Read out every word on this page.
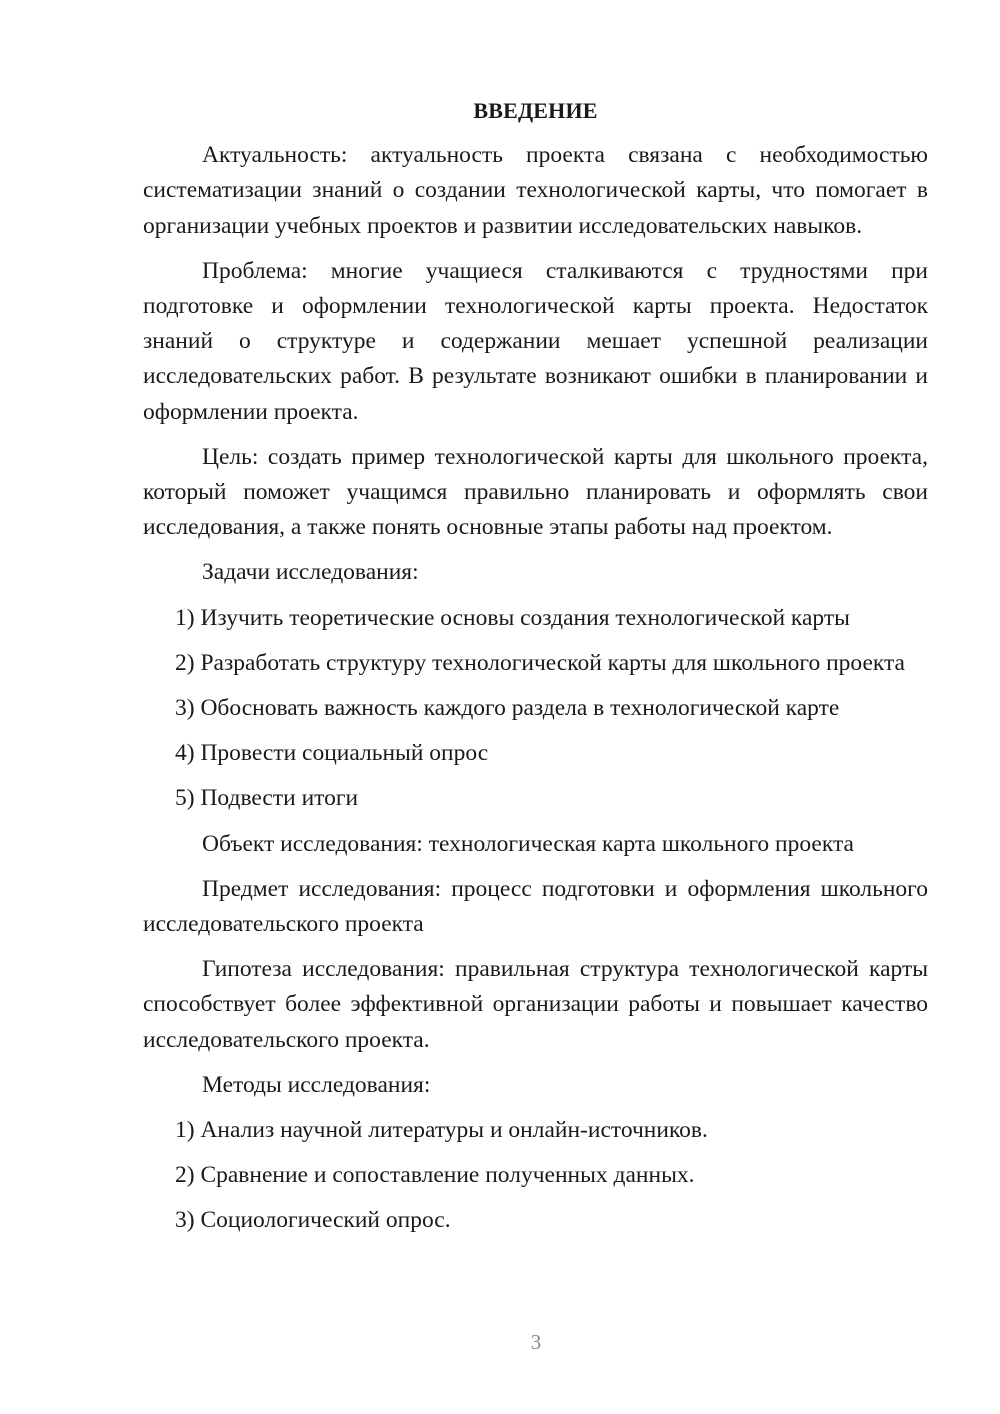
ВВЕДЕНИЕ

Актуальность: актуальность проекта связана с необходимостью систематизации знаний о создании технологической карты, что помогает в организации учебных проектов и развитии исследовательских навыков.

Проблема: многие учащиеся сталкиваются с трудностями при подготовке и оформлении технологической карты проекта. Недостаток знаний о структуре и содержании мешает успешной реализации исследовательских работ. В результате возникают ошибки в планировании и оформлении проекта.

Цель: создать пример технологической карты для школьного проекта, который поможет учащимся правильно планировать и оформлять свои исследования, а также понять основные этапы работы над проектом.

Задачи исследования:

1) Изучить теоретические основы создания технологической карты

2) Разработать структуру технологической карты для школьного проекта

3) Обосновать важность каждого раздела в технологической карте

4) Провести социальный опрос

5) Подвести итоги

Объект исследования: технологическая карта школьного проекта

Предмет исследования: процесс подготовки и оформления школьного исследовательского проекта

Гипотеза исследования: правильная структура технологической карты способствует более эффективной организации работы и повышает качество исследовательского проекта.

Методы исследования:

1) Анализ научной литературы и онлайн-источников.

2) Сравнение и сопоставление полученных данных.

3) Социологический опрос.

3
